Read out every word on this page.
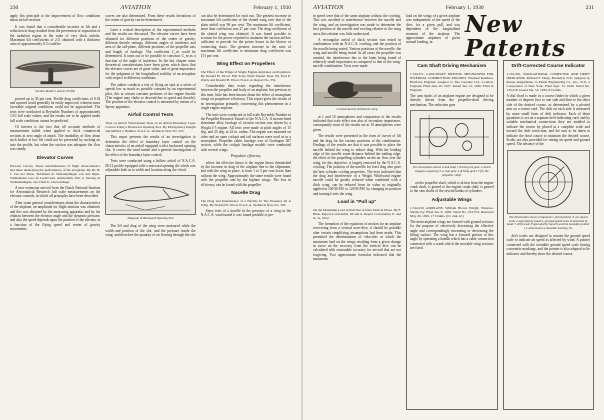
230	AVIATION	February 1, 1930

apply this principle to the improvement of flow conditions about airfoil sections.

It was found that a considerable increase in lift and a reduction in drag resulted from the prevention of separation of the turbulent region in the wake of very thick airfoils. Maximum lift coefficients of 2.0, obtained with a thickness ratio of approximately 0.3 could be

Suction Model 1 and its Profile

proved up to 30 per cent. Profile drag coefficients of 0.02 and upward could generally be easily improved, whereas more favorable original conditions could not be approached. The tests were conducted at Reynolds Numbers of approximately 1/10 full scale values, and the results are to be applied under full scale conditions cannot be predicted.

Of interest is the fact that all accurate methods of measurement failed when applied to thick commercial sections at zero angle of attack. The instability of flow about such bodies at low lift could not be prevented by sucking air into the profile, but when the suction was adequate the flow was steady.

Elevator Curves
Elevator Curves. These determinations of flight characteristics and these underlying the performance of the aeroplane. By Dr. H. J. van der Maas. Published in Verhandelingen van den Rijks-Studiedienst voor de Luchtvaart, Amsterdam, Part 4, Verslag en Verhandelingen, van Chief Ir. s'Gravenhage.

A new extension arrived from the Dutch National Institute for Aeronautical Research full scale measurements on the elevator controls, in which all principles have been described.

After some general considerations about the characteristics of the airplane, an amplitude for flight motions was obtained, and this was obtained by the measuring apparatus and by the relation between the elevator angle and the dynamic pressure, and also the speed depends upon the position of the elevator as a function of the flying speed and center of gravity movements.

curves are also determined. From these results deviations of the center of gravity can be determined.

Later a critical description of the experimental methods and the results are discussed. The elevator curves have been obtained for different positions of the center of gravity, different throttle settings, different angles of incidence and area of the tail-plane, different positions of the propeller axis and length of fuselage. The coefficient C_m could be determined. It turns out to be possible to construct C_m as a function of the angle of incidence. In the last chapter some theoretical considerations have been given which show that the elevator curves are of great value, and of great importance for the judgment of the longitudinal stability of an aeroplane with respect to different conditions.

The author conducts a test of flying on spot at a series of speeds low as much as possible constant by an experimental pilot, this at certain constant positions of the engine throttle (The engine may choke or descend due to speed and throttle). The position of the elevator control is measured by means of a Sperry apparatus.

Airfoil Control Tests
Tests on Airfoil Wind-tunnel Tests on an Airfoil Boundary Layer Control Using a Backward Opening Slot. By Montgomery Knight and Millard J. Bamber. N.A.C.A. Technical Note No. 323.

This report presents the results of an investigation to determine the effect of boundary layer control on the characteristics of an airfoil equipped with a backward opening slot. It covers the wind tunnel and a general investigation of the effect of the boundary layer control.

Tests were conducted using a hollow airfoil of N.A.C.A. M-12 profile equipped with a rearward opening slit which was adjustable both as to width and location along the chord.

Diagram of Backward Opening Slot

The lift and drag of the wing were measured while the width and position of the slot, and the pressure inside the wing, and therefore the quantity of air flowing through the slot

can also be determined for each run. The greatest increase in maximum lift coefficient of the slotted wing over that of the plain airfoil was 96 per cent. The maximum lift coefficient, more than coefficient was 27 per cent. The drag coefficient of the slotted wing was obtained. It was found possible to account for the power required to maintain the suction airflow sufficient to provide for the power losses in the blower or connecting ducts. The greatest increase in the ratio of maximum lift coefficient to minimum drag coefficient was 151 per cent.

Wing Effect on Propellers
The Effect of the Wings of Single Engine Airplanes on Propellers. By Donald H. Wood. Full Scale Wind Tunnel Tests. By Fred E. Weick and Donald H. Wood. N.A.C.A. Report No. 332.

Considerable data exists regarding the interference between the propeller and body of an airplane, but previous to this time, little has been known about the effect of monoplane wings on propulsive efficiency. This report gives the results of an investigation primarily concerning this phenomenon in a single engine airplane.

The tests were conducted at full scale Reynolds Number in the Propeller Research Tunnel of the N.A.C.A. A stream-lined aluminum alloy fuselage of circular section was driven by a Wright J-5 engine. All tests were made at pitch angles of 15 deg. and 25 deg. at 42 in. radius. The engine was mounted on sides and an open cockpit and tail surfaces were used as in a monoplane. Propeller cabin fuselage was of Gottingen 387 section, while the cockpit fuselage models were conducted with several wings.

Propulsive efficiency

where the effective thrust is the engine thrust diminished by the increase in drag of the airplane due to the slipstream, and with the wing in place, is from 1 to 3 per cent lower than without the wing. Approximately the same results were found with the propeller and by the biplane wings. The loss in efficiency can be found with the propeller.

Nacelle Drag
The Drag and Interference of a Nacelle In The Presence Of A Wing. By Donald H. Wood. N.A.C.A. Technical Note No. 320.

Since tests of a nacelle in the presence of a wing in the N.A.C.A. wind tunnel it was found possible to pre-

AVIATION	February 1, 1930	231

in speed were that of the same airplane without the cowling. This was ascribed to interference between the nacelle and the wing, and an investigation was made to determine the best position of the nacelle and cowling relative to the wing since this relation was little understood.

A rectangular airfoil of thick section was tested in combination with an N.A.C.A. cowling, and the position of the nacelle being varied. Various positions of the nacelle, the wing and nacelle being tested. In all cases the propeller was omitted, the interference due to the latter being found of relatively small importance as compared to that of the wing-nacelle combination. Tests were made

Cowled nacelle behind the wing

at 1 and 10 atmospheres and comparison of the results indicated that scale effect was also of secondary importance, consequently most of the results are at 10 atmospheres were given.

The results were presented in the form of curves of lift and the drag for the various positions of the combination. Findings of the results are that it was possible to place the nacelle behind the wing to reduce drag. With the leading edge of the nacelle some distance behind the trailing edge, the effect of the propelling cylinders on the air flow over the wing, for this objective, is largely removed by the N.A.C.A. cowling. The position of the nacelle for least drag also gave the best cylinder cooling properties. The tests indicated that the drag and interference of a Wright Whirlwind engine nacelle could be greatly reduced when combined with a thick wing, can be reduced from its value as originally applied at 100 M.P.H. to 120 M.P.H. by changing its position and turning it into the wing.

Load in "Pull up"
On the Maximum Load in Pull Out of Dive Vertical Dives. By F. Haus. Report Convenable, 66 and A. Report Convenable, E. and X. vs. 1922.

The formation of the equations of motion for an airplane recovering from a vertical nose-dive, it should be possible after certain simplifying assumptions had been made. This permitted the determination of velocities at which the maximum load on the wings resulting from a given change in curve on the recovery from the vertical dive can be calculated with reasonable accuracy for aircraft that are not forgiving. Two approximate formulas indicated that the maximum

load on the wings of a given airplane was independent of the speed of the dive, for a given pull, and was dependent of the longitudinal moment of the airplane. The approximate airplanes of given normal loading, in

New Patents
Cam Shaft Driving Mechanism
1,744,371. CAM-SHAFT DRIVING MECHANISM FOR INTERNAL COMBUSTION ENGINES. Wieland Knudsen, Hertford, England, assignor to The Gwynne Ltd., London, England, Filed June 10, 1927. Issued Jan. 21, 1930. Filed in England.

The cam shafts of an airplane engine are designed to be directly driven from the propeller-shaft driving mechanism. The reduction gear

The illustration shows crank shaft 1 driving the gear 2 which engages a gearing 3, a cam gear 4 driving gears 5 for the propeller shaft.

on the propeller shaft, which is driven from the engine crank shaft, is geared to the engine crank shaft, is geared to the cam shafts of the several banks of cylinders.

Adjustable Wings
1,744,259. AIRPLANE. William Brown Wright, Winston-Salem, Ky. Filed Jan. 9, 1928. Serial No. 253,374. Renewed May 29, 1929. 17 Claims. (Cl. 244-12.)

The main airplane wings are formed with ground sections for the purpose of selectively decreasing the effective angle and correspondingly increasing or decreasing the lifting surface. The wing has a forward portion of this angle by operating a handle which has a cable connection connected with a crank which the movable wing sections are fixed.

Drift-Corrected Course Indicator
1,743,250. NAVIGATIONAL COMPUTER AND DRIFT INDICATOR. Richard F. Sharp, Brooklyn, N.Y., assignor by mesne assignments, to Patent Engineering Co., Inc., N.Y., a Corporation of New York. Filed Sept. 15, 1926. Serial No. 135,418. Issued Jan. 14, 1930. 8 Claims.

A dial fixed is made in a course finder in which a given number of degrees first to one side and then to the other side of the desired course, as determined by a pivoted arm on a course card. The drift on each side is measured by some small form of drift indicator. Each of these quantities is set on a separate drift-indicating card, and by suitable mechanical connections they are enabled to indicate the course by placed at a complete scale and toward the drift correction, and the unit to be taken to indicate the final course to maintain the desired course. Scales are also provided for setting air speed and ground speed. The advance of the

The illustration shows compound 1, fixed pointer 3, air-speed scale 4 operated by hand 5, ground-speed scale 6 operated by hand 7, drift scale 8 operated by hand 9 and the movable pointer 11, attached to a movable housing 10.

drift scales are designed to actuate the ground speed scale to indicate air speed as affected by wind. A pointer connected with the rotatable ground speed scale having concentric markings, and the pointer is also adapted to lie indicator and thereby show the desired course.
